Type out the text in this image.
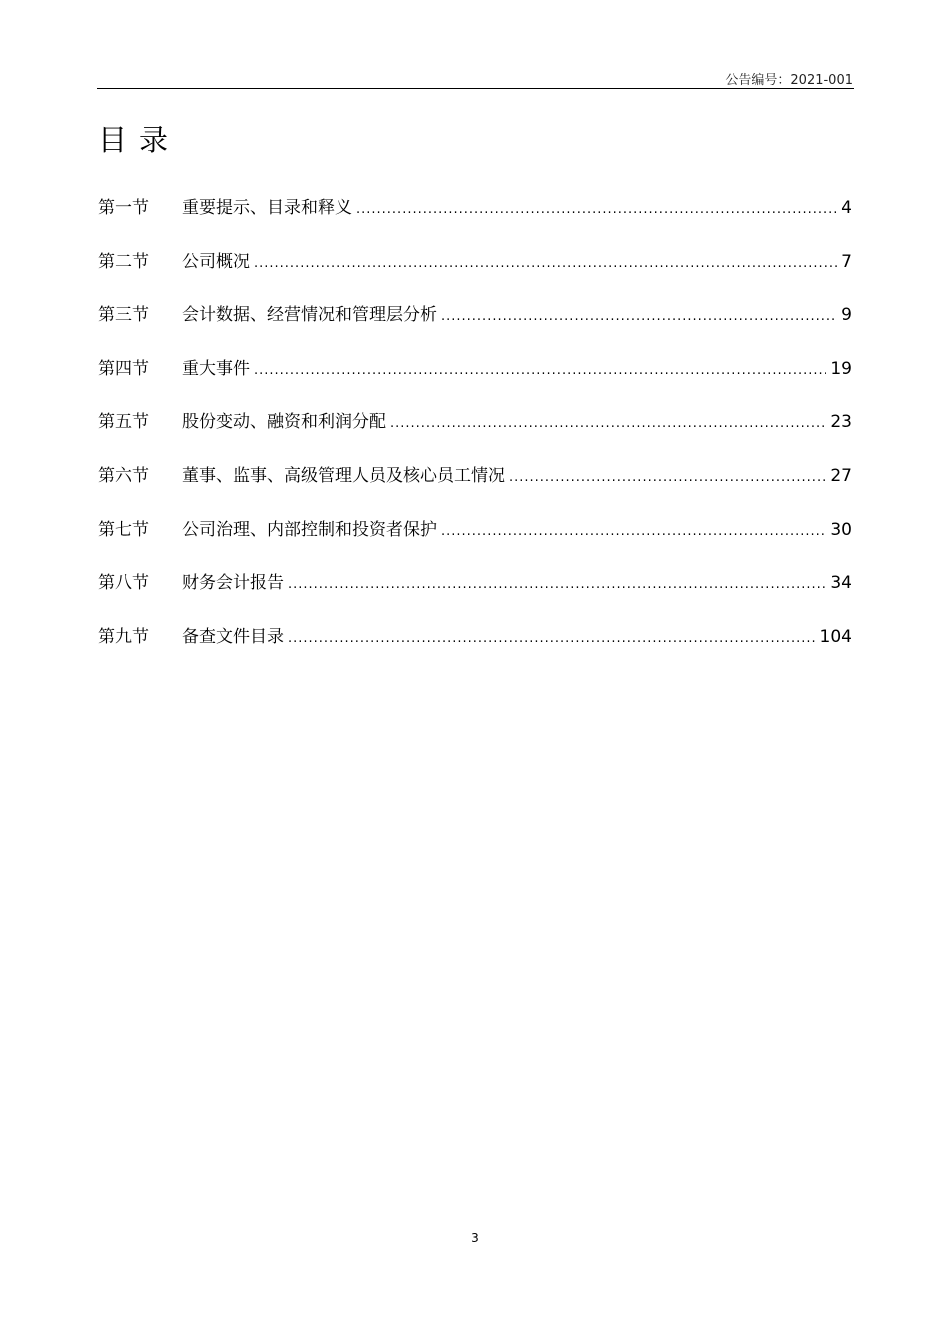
公告编号：2021-001
目录
第一节	重要提示、目录和释义 .....	4
第二节	公司概况 .....	7
第三节	会计数据、经营情况和管理层分析 .....	9
第四节	重大事件 .....	19
第五节	股份变动、融资和利润分配 .....	23
第六节	董事、监事、高级管理人员及核心员工情况 .....	27
第七节	公司治理、内部控制和投资者保护 .....	30
第八节	财务会计报告 .....	34
第九节	备查文件目录 .....	104
3
